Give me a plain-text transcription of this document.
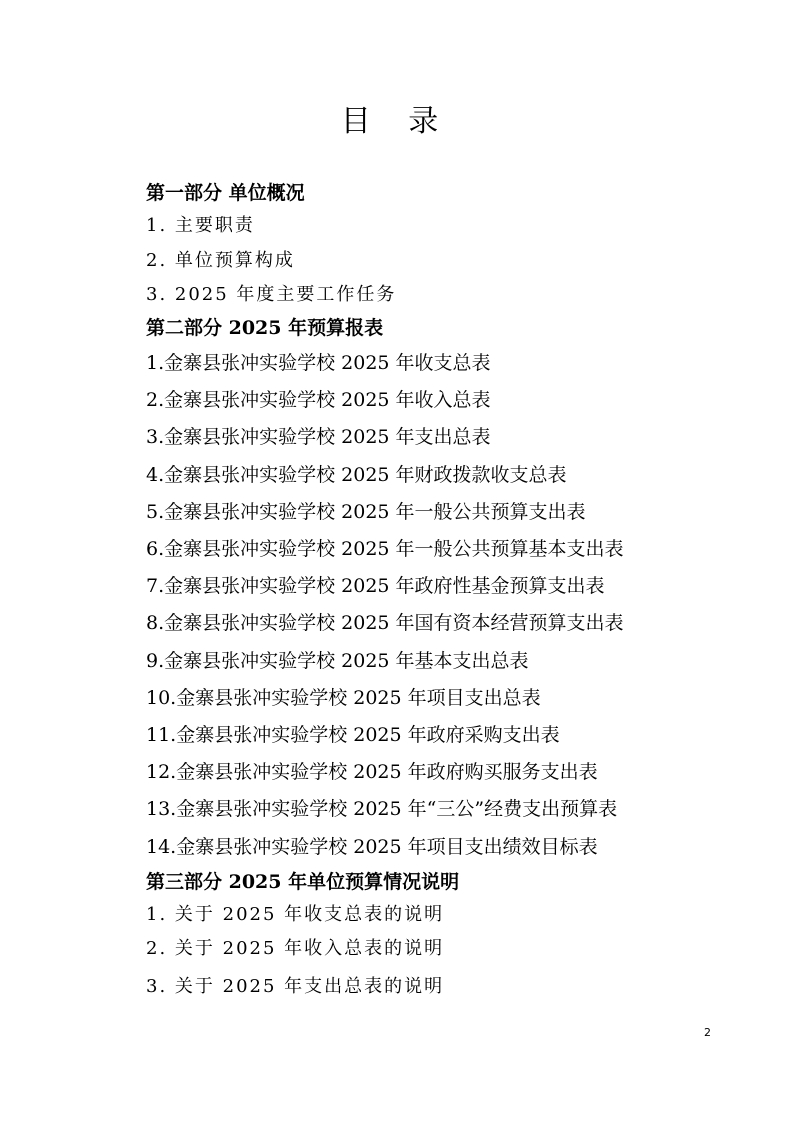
目 录
第一部分 单位概况
1. 主要职责
2. 单位预算构成
3. 2025 年度主要工作任务
第二部分 2025 年预算报表
1.金寨县张冲实验学校 2025 年收支总表
2.金寨县张冲实验学校 2025 年收入总表
3.金寨县张冲实验学校 2025 年支出总表
4.金寨县张冲实验学校 2025 年财政拨款收支总表
5.金寨县张冲实验学校 2025 年一般公共预算支出表
6.金寨县张冲实验学校 2025 年一般公共预算基本支出表
7.金寨县张冲实验学校 2025 年政府性基金预算支出表
8.金寨县张冲实验学校 2025 年国有资本经营预算支出表
9.金寨县张冲实验学校 2025 年基本支出总表
10.金寨县张冲实验学校 2025 年项目支出总表
11.金寨县张冲实验学校 2025 年政府采购支出表
12.金寨县张冲实验学校 2025 年政府购买服务支出表
13.金寨县张冲实验学校 2025 年“三公”经费支出预算表
14.金寨县张冲实验学校 2025 年项目支出绩效目标表
第三部分 2025 年单位预算情况说明
1. 关于 2025 年收支总表的说明
2. 关于 2025 年收入总表的说明
3. 关于 2025 年支出总表的说明
2
